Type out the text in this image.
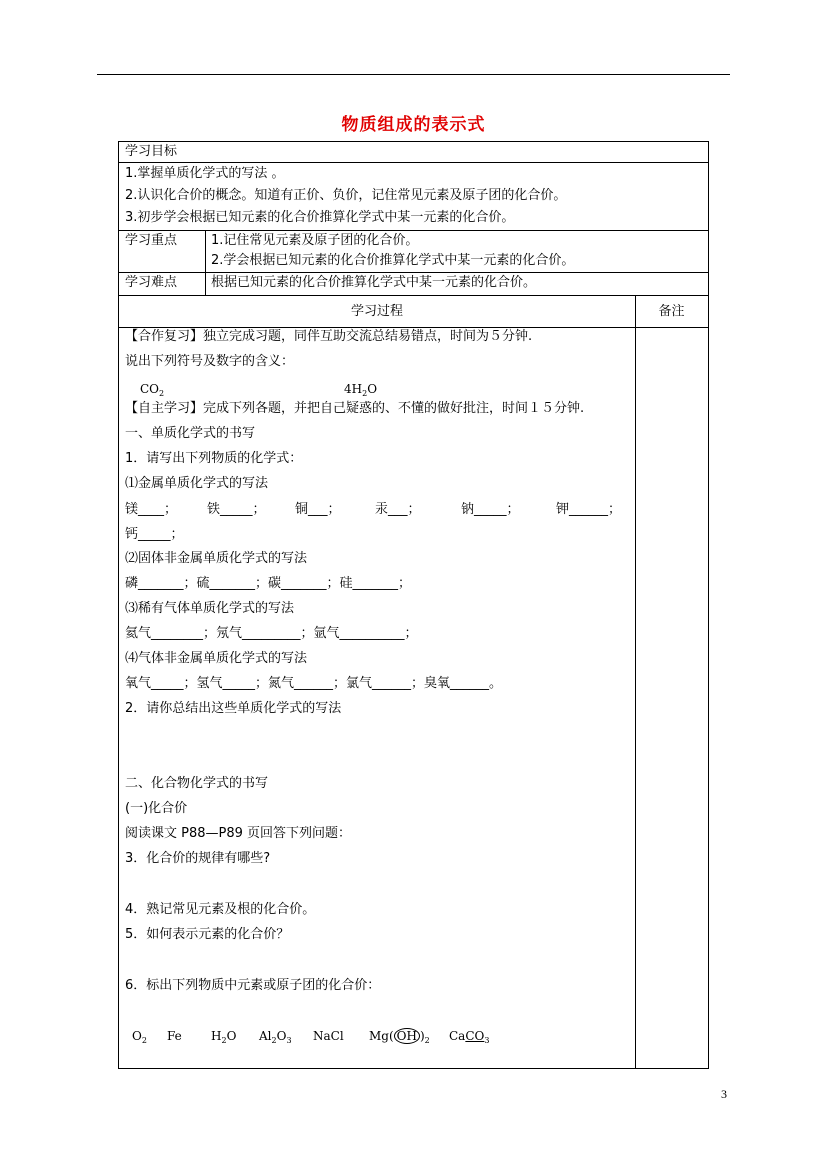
物质组成的表示式
学习目标
1.掌握单质化学式的写法 。
2.认识化合价的概念。知道有正价、负价，记住常见元素及原子团的化合价。
3.初步学会根据已知元素的化合价推算化学式中某一元素的化合价。
学习重点	1.记住常见元素及原子团的化合价。
2.学会根据已知元素的化合价推算化学式中某一元素的化合价。
学习难点	根据已知元素的化合价推算化学式中某一元素的化合价。
学习过程	备注
【合作复习】独立完成习题，同伴互助交流总结易错点，时间为５分钟.
说出下列符号及数字的含义：
$CO_2$	$4H_2O$
【自主学习】完成下列各题，并把自己疑惑的、不懂的做好批注，时间１５分钟.
一、单质化学式的书写
1．请写出下列物质的化学式：
⑴金属单质化学式的写法
镁____； 铁_____； 铜___；	汞___；	钠_____；	钾______；
钙_____；
⑵固体非金属单质化学式的写法
磷_______；硫_______；碳_______；硅_______；
⑶稀有气体单质化学式的写法
氦气________；氖气_________；氩气__________；
⑷气体非金属单质化学式的写法
氧气_____；氢气_____；氮气______；氯气______；臭氧______。
2．请你总结出这些单质化学式的写法
二、化合物化学式的书写
(一)化合价
阅读课文 P88—P89 页回答下列问题：
3．化合价的规律有哪些?
4．熟记常见元素及根的化合价。
5．如何表示元素的化合价？
6．标出下列物质中元素或原子团的化合价：
$O_2$ Fe $H_2O$ $Al_2O_3$ NaCl Mg( OH )$_2$ CaCO$_3$
3
